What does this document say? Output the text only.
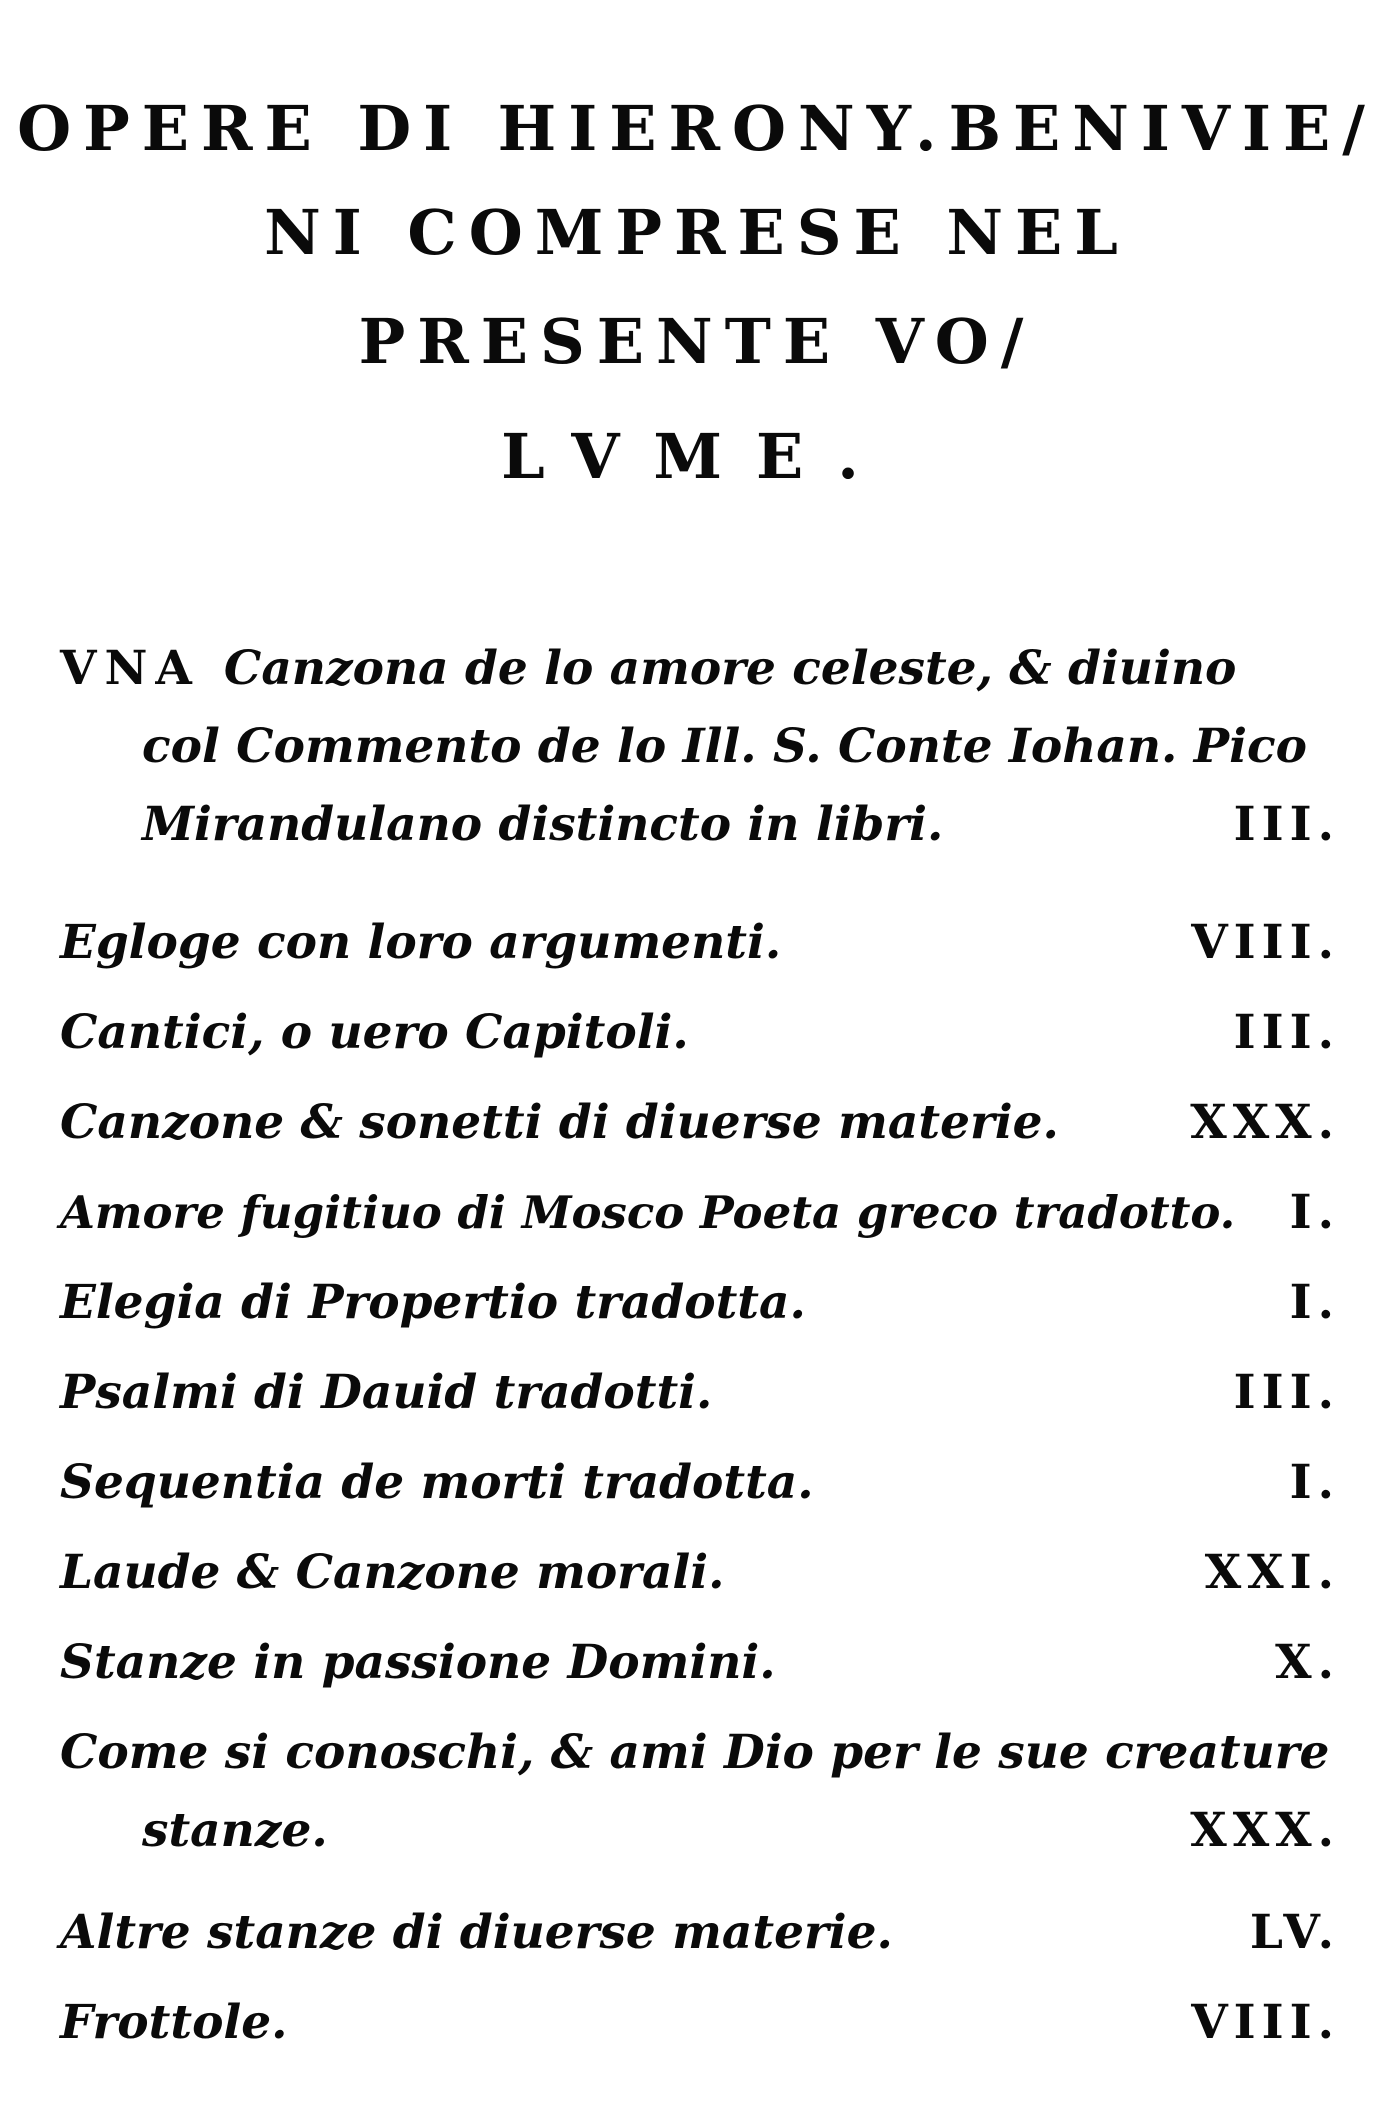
OPERE DI HIERONY.BENIVIE/
NI COMPRESE NEL
PRESENTE VO/
LVME.
VNA Canzona de lo amore celeste, & diuino
col Commento de lo Ill. S. Conte Iohan. Pico
Mirandulano distincto in libri.	III.
Egloge con loro argumenti.	VIII.
Cantici, o uero Capitoli.	III.
Canzone & sonetti di diuerse materie.	XXX.
Amore fugitiuo di Mosco Poeta greco tradotto. I.
Elegia di Propertio tradotta.	I.
Psalmi di Dauid tradotti.	III.
Sequentia de morti tradotta.	I.
Laude & Canzone morali.	XXI.
Stanze in passione Domini.	X.
Come si conoschi, & ami Dio per le sue creature
stanze.	XXX.
Altre stanze di diuerse materie.	LV.
Frottole.	VIII.
